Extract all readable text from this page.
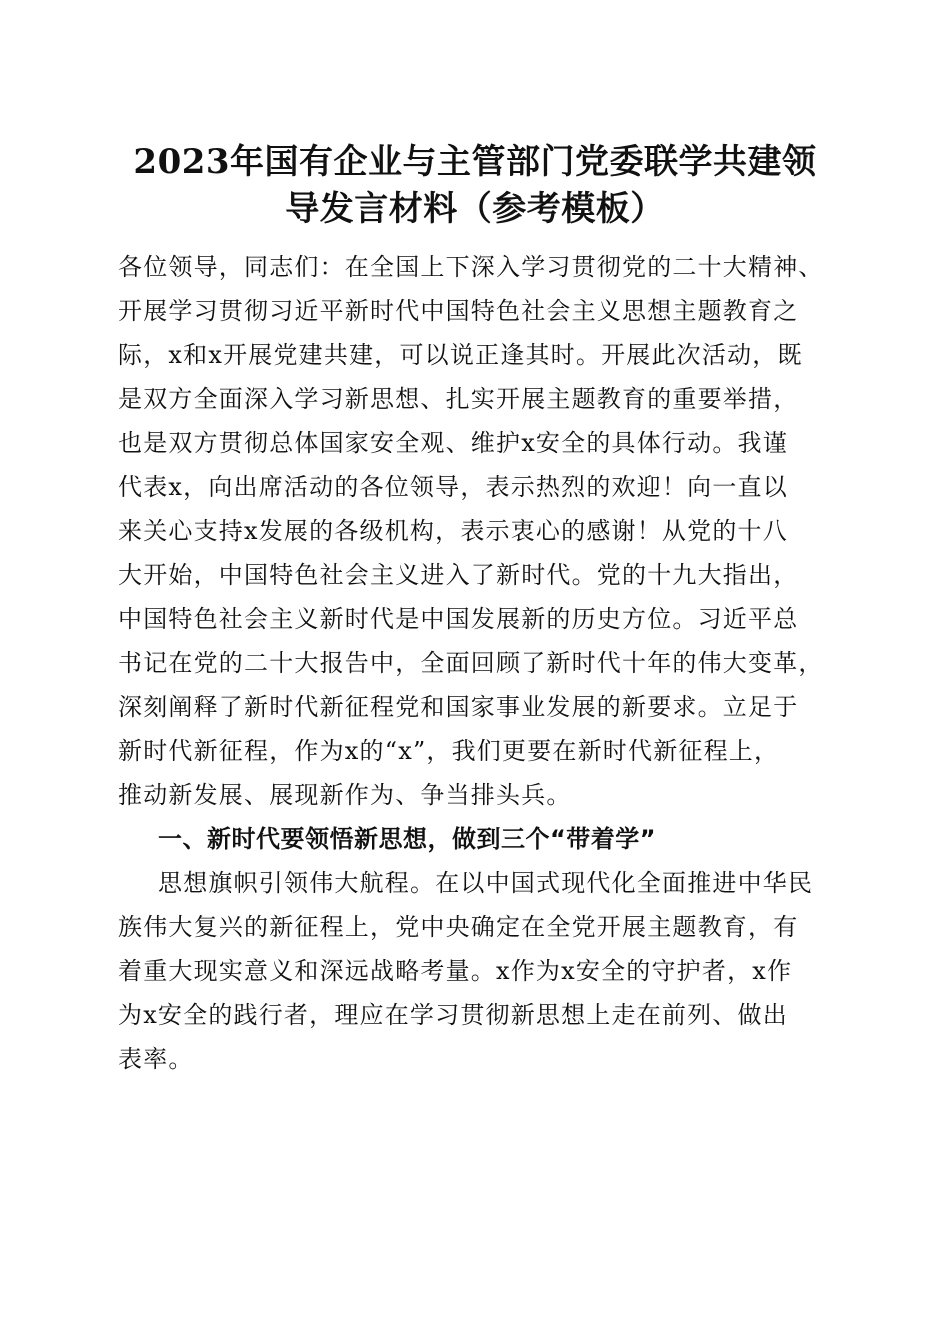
2023年国有企业与主管部门党委联学共建领
导发言材料（参考模板）
各位领导，同志们：在全国上下深入学习贯彻党的二十大精神、
开展学习贯彻习近平新时代中国特色社会主义思想主题教育之
际，x和x开展党建共建，可以说正逢其时。开展此次活动，既
是双方全面深入学习新思想、扎实开展主题教育的重要举措，
也是双方贯彻总体国家安全观、维护x安全的具体行动。我谨
代表x，向出席活动的各位领导，表示热烈的欢迎！向一直以
来关心支持x发展的各级机构，表示衷心的感谢！从党的十八
大开始，中国特色社会主义进入了新时代。党的十九大指出，
中国特色社会主义新时代是中国发展新的历史方位。习近平总
书记在党的二十大报告中，全面回顾了新时代十年的伟大变革，
深刻阐释了新时代新征程党和国家事业发展的新要求。立足于
新时代新征程，作为x的“x”，我们更要在新时代新征程上，
推动新发展、展现新作为、争当排头兵。
一、新时代要领悟新思想，做到三个“带着学”
思想旗帜引领伟大航程。在以中国式现代化全面推进中华民
族伟大复兴的新征程上，党中央确定在全党开展主题教育，有
着重大现实意义和深远战略考量。x作为x安全的守护者，x作
为x安全的践行者，理应在学习贯彻新思想上走在前列、做出
表率。
